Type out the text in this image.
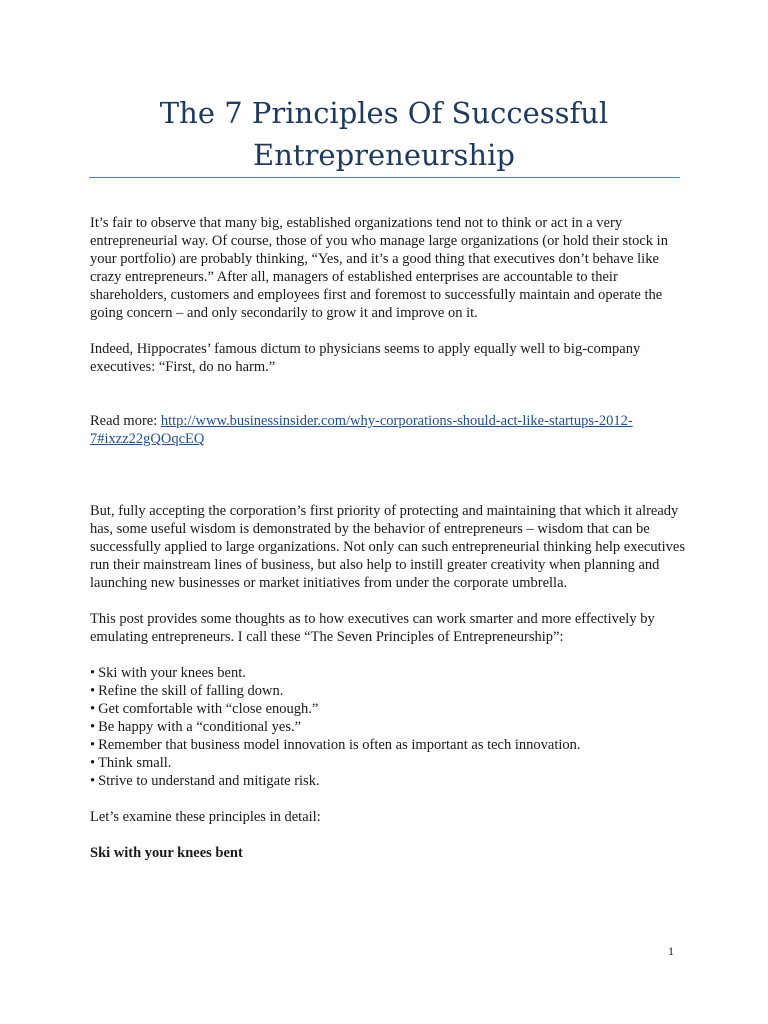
The 7 Principles Of Successful Entrepreneurship

It’s fair to observe that many big, established organizations tend not to think or act in a very entrepreneurial way. Of course, those of you who manage large organizations (or hold their stock in your portfolio) are probably thinking, “Yes, and it’s a good thing that executives don’t behave like crazy entrepreneurs.” After all, managers of established enterprises are accountable to their shareholders, customers and employees first and foremost to successfully maintain and operate the going concern – and only secondarily to grow it and improve on it.

Indeed, Hippocrates’ famous dictum to physicians seems to apply equally well to big-company executives: “First, do no harm.”

Read more: http://www.businessinsider.com/why-corporations-should-act-like-startups-2012-7#ixzz22gQOqcEQ

But, fully accepting the corporation’s first priority of protecting and maintaining that which it already has, some useful wisdom is demonstrated by the behavior of entrepreneurs – wisdom that can be successfully applied to large organizations. Not only can such entrepreneurial thinking help executives run their mainstream lines of business, but also help to instill greater creativity when planning and launching new businesses or market initiatives from under the corporate umbrella.

This post provides some thoughts as to how executives can work smarter and more effectively by emulating entrepreneurs. I call these “The Seven Principles of Entrepreneurship”:

• Ski with your knees bent.
• Refine the skill of falling down.
• Get comfortable with “close enough.”
• Be happy with a “conditional yes.”
• Remember that business model innovation is often as important as tech innovation.
• Think small.
• Strive to understand and mitigate risk.

Let’s examine these principles in detail:

Ski with your knees bent

1
